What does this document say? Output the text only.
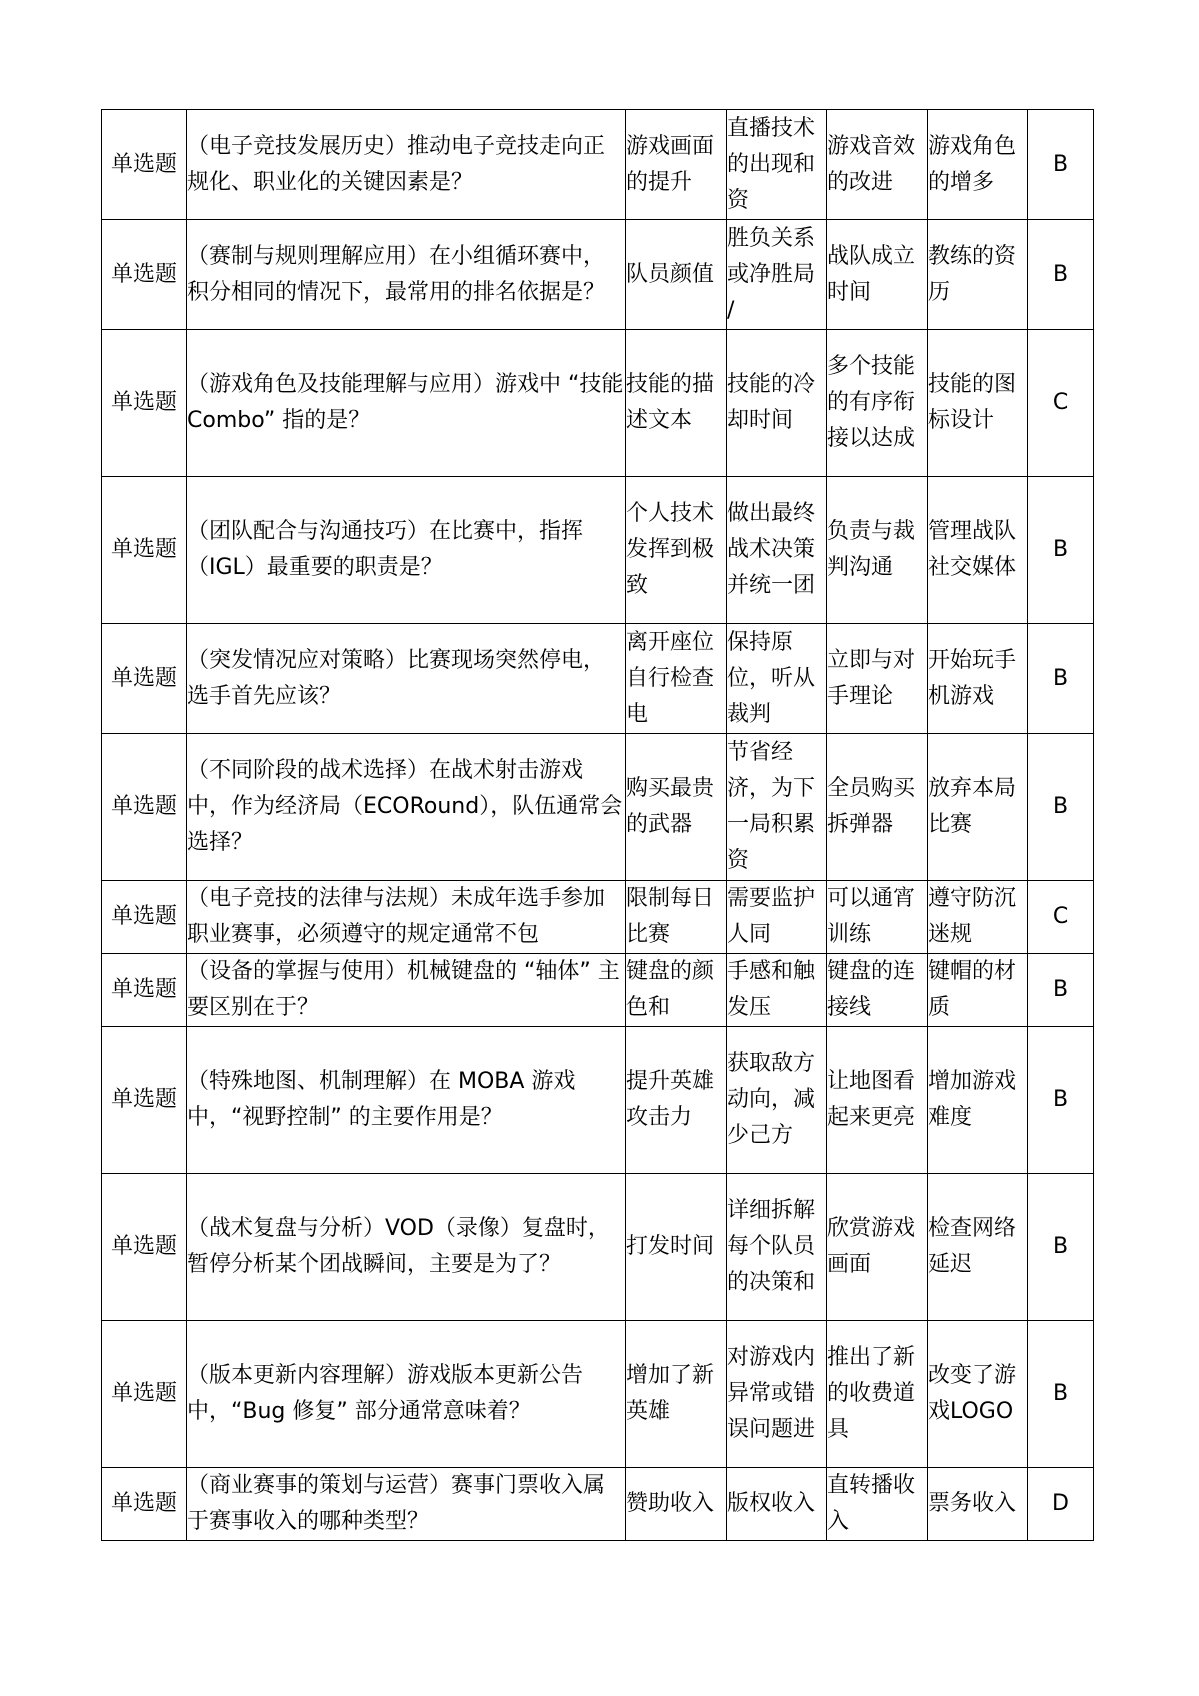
单选题	（电子竞技发展历史）推动电子竞技走向正规化、职业化的关键因素是？	游戏画面的提升	直播技术的出现和资	游戏音效的改进	游戏角色的增多	B
单选题	（赛制与规则理解应用）在小组循环赛中，积分相同的情况下，最常用的排名依据是？	队员颜值	胜负关系或净胜局 /	战队成立时间	教练的资历	B
单选题	（游戏角色及技能理解与应用）游戏中 “技能 Combo” 指的是？	技能的描述文本	技能的冷却时间	多个技能的有序衔接以达成	技能的图标设计	C
单选题	（团队配合与沟通技巧）在比赛中，指挥（IGL）最重要的职责是？	个人技术发挥到极致	做出最终战术决策并统一团	负责与裁判沟通	管理战队社交媒体	B
单选题	（突发情况应对策略）比赛现场突然停电，选手首先应该？	离开座位自行检查电	保持原位，听从裁判	立即与对手理论	开始玩手机游戏	B
单选题	（不同阶段的战术选择）在战术射击游戏中，作为经济局（ECORound），队伍通常会选择？	购买最贵的武器	节省经济，为下一局积累资	全员购买拆弹器	放弃本局比赛	B
单选题	（电子竞技的法律与法规）未成年选手参加职业赛事，必须遵守的规定通常不包	限制每日比赛	需要监护人同	可以通宵训练	遵守防沉迷规	C
单选题	（设备的掌握与使用）机械键盘的 “轴体” 主要区别在于？	键盘的颜色和	手感和触发压	键盘的连接线	键帽的材质	B
单选题	（特殊地图、机制理解）在 MOBA 游戏中，“视野控制” 的主要作用是？	提升英雄攻击力	获取敌方动向，减少己方	让地图看起来更亮	增加游戏难度	B
单选题	（战术复盘与分析）VOD（录像）复盘时，暂停分析某个团战瞬间，主要是为了？	打发时间	详细拆解每个队员的决策和	欣赏游戏画面	检查网络延迟	B
单选题	（版本更新内容理解）游戏版本更新公告中，“Bug 修复” 部分通常意味着？	增加了新英雄	对游戏内异常或错误问题进	推出了新的收费道具	改变了游戏LOGO	B
单选题	（商业赛事的策划与运营）赛事门票收入属于赛事收入的哪种类型？	赞助收入	版权收入	直转播收入	票务收入	D
